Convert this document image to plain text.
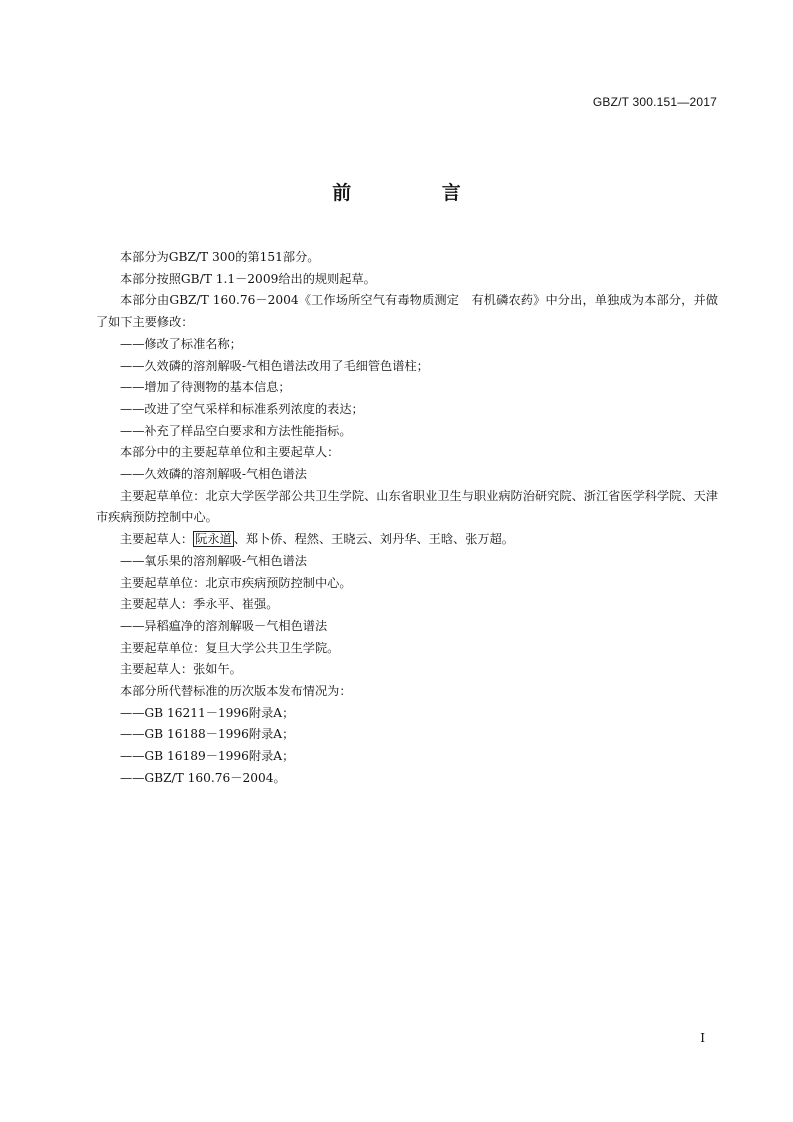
GBZ/T 300.151—2017
前 言

本部分为GBZ/T 300的第151部分。

本部分按照GB/T 1.1－2009给出的规则起草。

本部分由GBZ/T 160.76－2004《工作场所空气有毒物质测定　有机磷农药》中分出，单独成为本部分，并做了如下主要修改：

——修改了标准名称；

——久效磷的溶剂解吸-气相色谱法改用了毛细管色谱柱；

——增加了待测物的基本信息；

——改进了空气采样和标准系列浓度的表达；

——补充了样品空白要求和方法性能指标。

本部分中的主要起草单位和主要起草人：

——久效磷的溶剂解吸-气相色谱法

主要起草单位：北京大学医学部公共卫生学院、山东省职业卫生与职业病防治研究院、浙江省医学科学院、天津市疾病预防控制中心。

主要起草人： 阮永道 、郑卜侨、程然、王晓云、刘丹华、王晗、张万超。

——氧乐果的溶剂解吸-气相色谱法

主要起草单位：北京市疾病预防控制中心。

主要起草人：季永平、崔强。

——异稻瘟净的溶剂解吸－气相色谱法

主要起草单位：复旦大学公共卫生学院。

主要起草人：张如午。

本部分所代替标准的历次版本发布情况为：

——GB 16211－1996附录A；

——GB 16188－1996附录A；

——GB 16189－1996附录A；

——GBZ/T 160.76－2004。

I
